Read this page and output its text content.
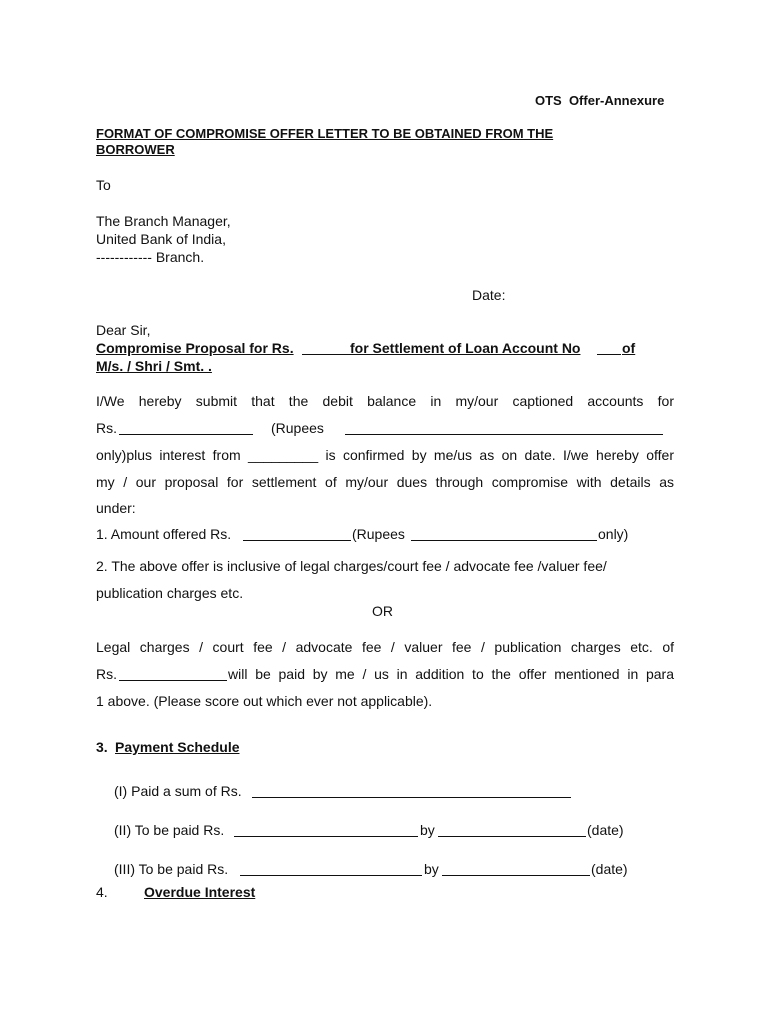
OTS  Offer-Annexure
FORMAT OF COMPROMISE OFFER LETTER TO BE OBTAINED FROM THE
BORROWER
To
The Branch Manager,
United Bank of India,
------------ Branch.
Date:
Dear Sir,
Compromise Proposal for Rs.
	for Settlement of Loan Account No	of
M/s. / Shri / Smt. .
I/We hereby submit that the debit balance in my/our captioned accounts for
Rs.	(Rupees
only)plus interest from _________ is confirmed by me/us as on date. I/we hereby offer
my / our proposal for settlement of my/our dues through compromise with details as
under:
1. Amount offered Rs.	(Rupees	only)
2. The above offer is inclusive of legal charges/court fee / advocate fee /valuer fee/
publication charges etc.
OR
Legal charges / court fee / advocate fee / valuer fee / publication charges etc. of
Rs.	will be paid by me / us in addition to the offer mentioned in para
1 above. (Please score out which ever not applicable).
3. Payment Schedule
(I) Paid a sum of Rs.
(II) To be paid Rs.	by	(date)
(III) To be paid Rs.	by	(date)
4.	Overdue Interest
